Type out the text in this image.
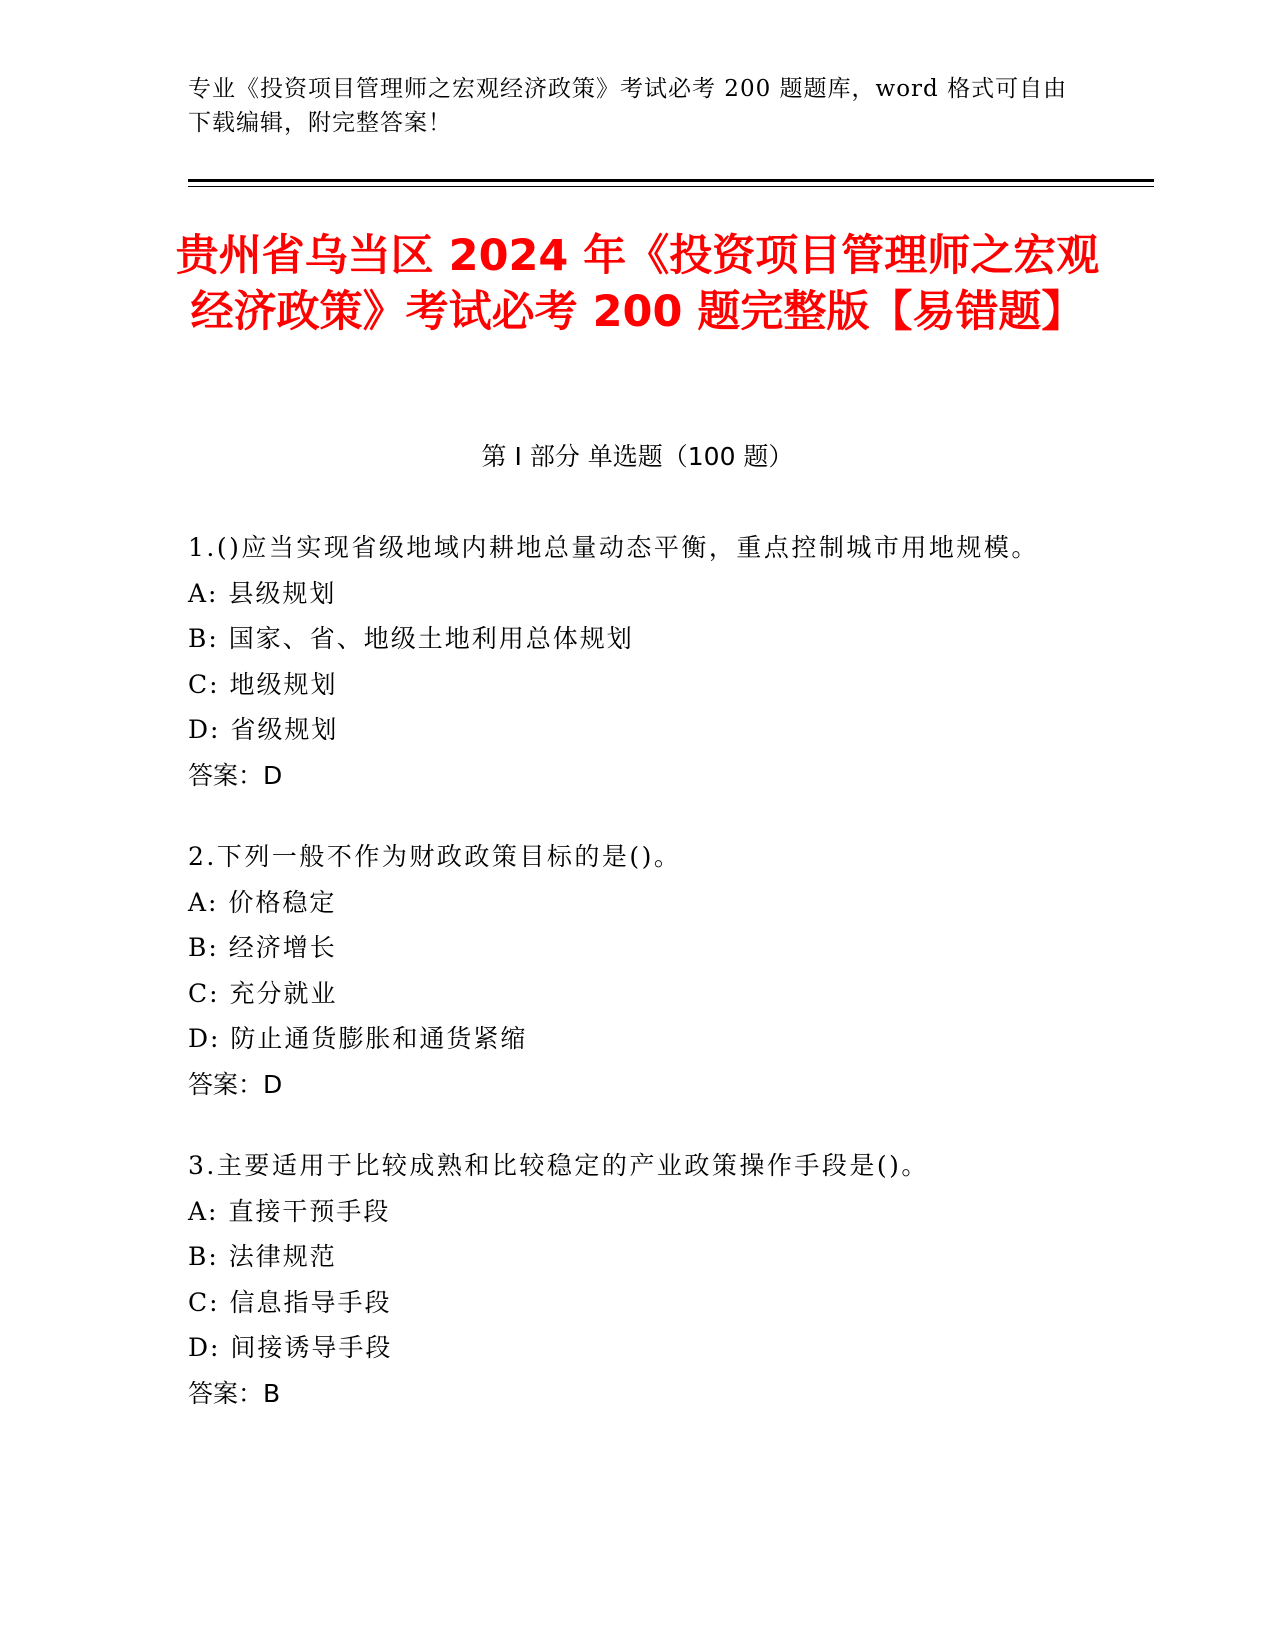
专业《投资项目管理师之宏观经济政策》考试必考 200 题题库，word 格式可自由下载编辑，附完整答案！
贵州省乌当区 2024 年《投资项目管理师之宏观经济政策》考试必考 200 题完整版【易错题】
第 I 部分 单选题（100 题）
1.()应当实现省级地域内耕地总量动态平衡，重点控制城市用地规模。
A: 县级规划
B: 国家、省、地级土地利用总体规划
C: 地级规划
D: 省级规划
答案：D
2.下列一般不作为财政政策目标的是()。
A: 价格稳定
B: 经济增长
C: 充分就业
D: 防止通货膨胀和通货紧缩
答案：D
3.主要适用于比较成熟和比较稳定的产业政策操作手段是()。
A: 直接干预手段
B: 法律规范
C: 信息指导手段
D: 间接诱导手段
答案：B
